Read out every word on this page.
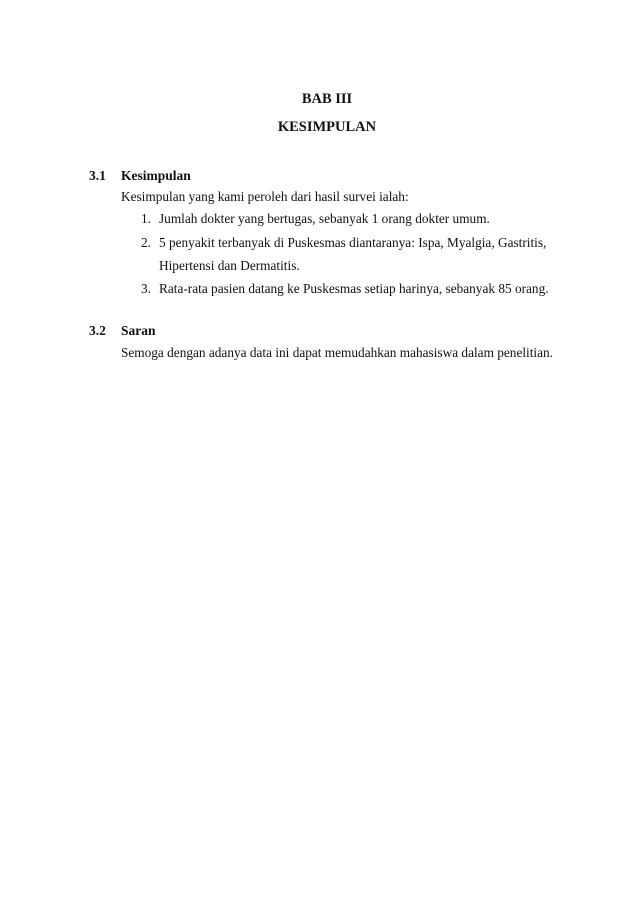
BAB III
KESIMPULAN
3.1 Kesimpulan
Kesimpulan yang kami peroleh dari hasil survei ialah:
1. Jumlah dokter yang bertugas, sebanyak 1 orang dokter umum.
2. 5 penyakit terbanyak di Puskesmas diantaranya: Ispa, Myalgia, Gastritis,
Hipertensi dan Dermatitis.
3. Rata-rata pasien datang ke Puskesmas setiap harinya, sebanyak 85 orang.
3.2 Saran
Semoga dengan adanya data ini dapat memudahkan mahasiswa dalam penelitian.
